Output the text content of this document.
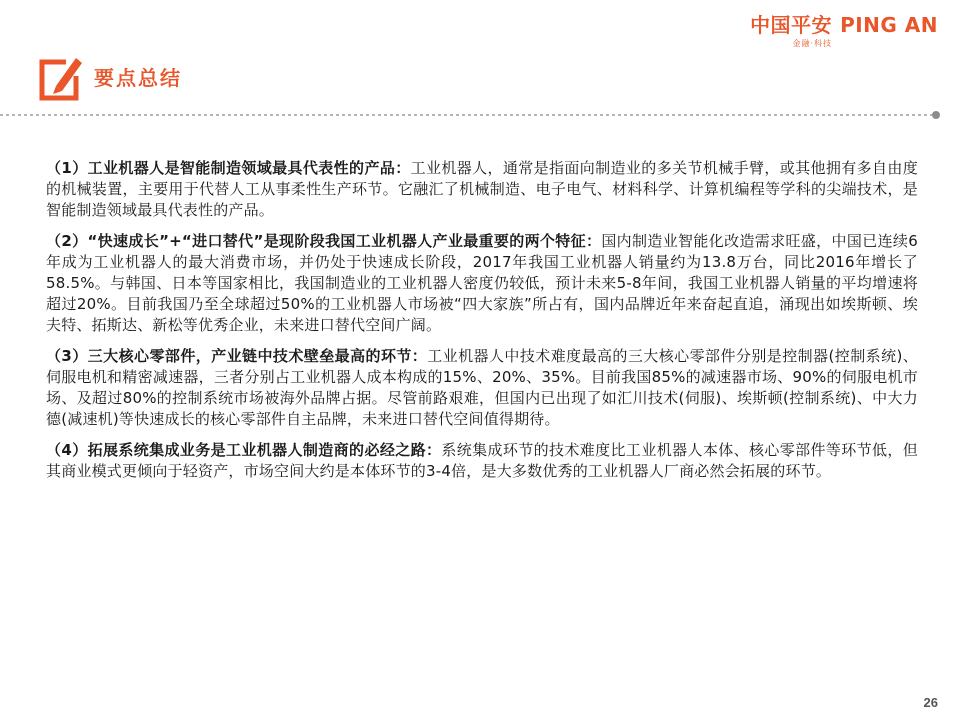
中国平安 PING AN
金融·科技
要点总结

（1）工业机器人是智能制造领域最具代表性的产品：工业机器人，通常是指面向制造业的多关节机械手臂，或其他拥有多自由度的机械装置，主要用于代替人工从事柔性生产环节。它融汇了机械制造、电子电气、材料科学、计算机编程等学科的尖端技术，是智能制造领域最具代表性的产品。

（2）“快速成长”+“进口替代”是现阶段我国工业机器人产业最重要的两个特征：国内制造业智能化改造需求旺盛，中国已连续6年成为工业机器人的最大消费市场，并仍处于快速成长阶段，2017年我国工业机器人销量约为13.8万台，同比2016年增长了58.5%。与韩国、日本等国家相比，我国制造业的工业机器人密度仍较低，预计未来5-8年间，我国工业机器人销量的平均增速将超过20%。目前我国乃至全球超过50%的工业机器人市场被“四大家族”所占有，国内品牌近年来奋起直追，涌现出如埃斯顿、埃夫特、拓斯达、新松等优秀企业，未来进口替代空间广阔。

（3）三大核心零部件，产业链中技术壁垒最高的环节：工业机器人中技术难度最高的三大核心零部件分别是控制器(控制系统)、伺服电机和精密减速器，三者分别占工业机器人成本构成的15%、20%、35%。目前我国85%的减速器市场、90%的伺服电机市场、及超过80%的控制系统市场被海外品牌占据。尽管前路艰难，但国内已出现了如汇川技术(伺服)、埃斯顿(控制系统)、中大力德(减速机)等快速成长的核心零部件自主品牌，未来进口替代空间值得期待。

（4）拓展系统集成业务是工业机器人制造商的必经之路：系统集成环节的技术难度比工业机器人本体、核心零部件等环节低，但其商业模式更倾向于轻资产，市场空间大约是本体环节的3-4倍，是大多数优秀的工业机器人厂商必然会拓展的环节。

26
